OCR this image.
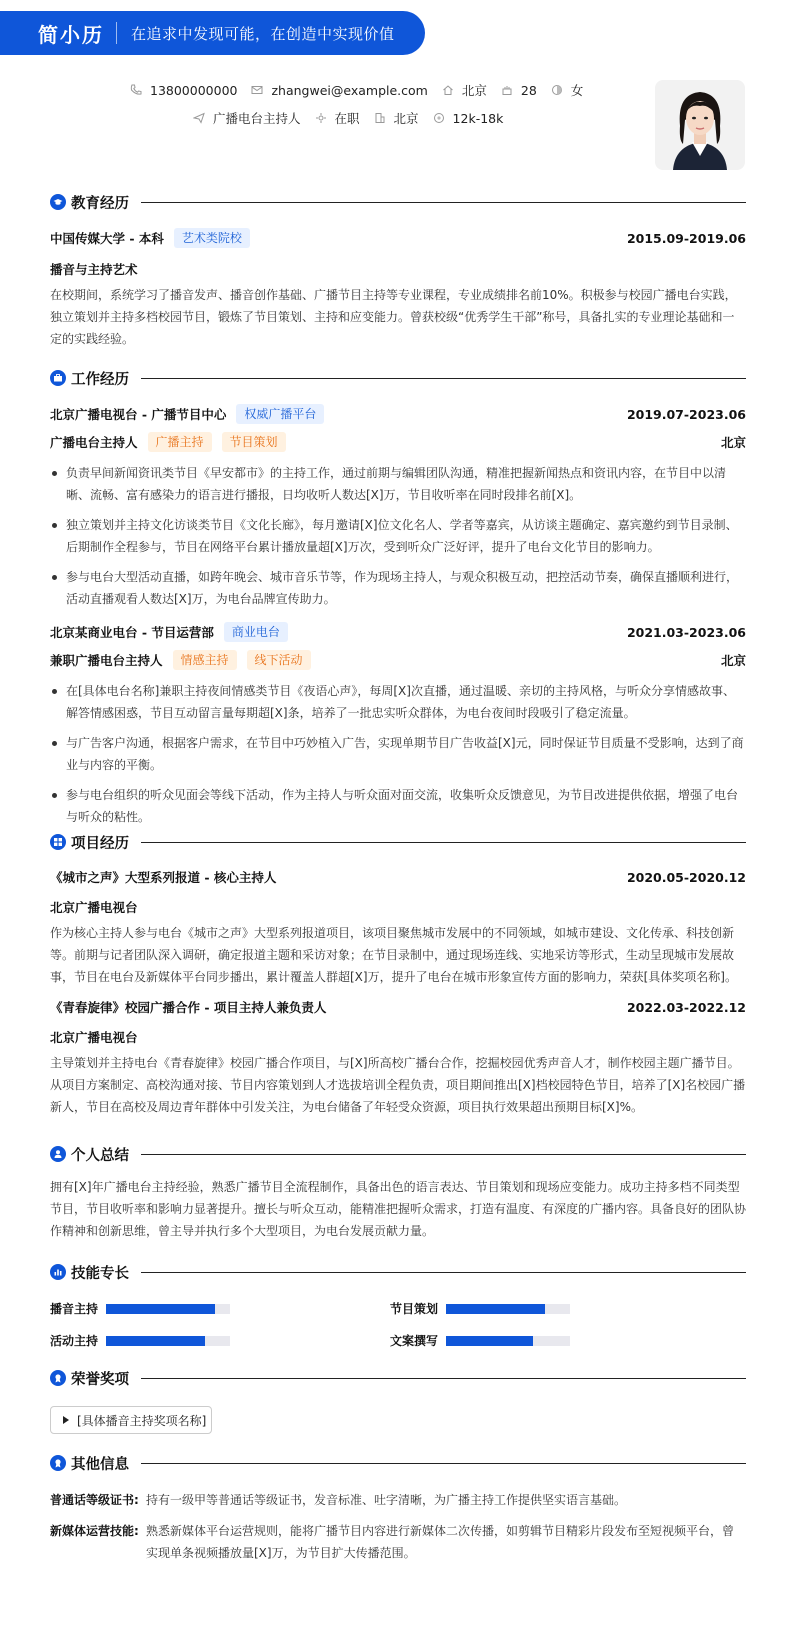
简小历 在追求中发现可能，在创造中实现价值
13800000000	zhangwei@example.com	北京	28	女
广播电台主持人	在职	北京	12k-18k
教育经历
中国传媒大学 - 本科	艺术类院校	2015.09-2019.06
播音与主持艺术
在校期间，系统学习了播音发声、播音创作基础、广播节目主持等专业课程，专业成绩排名前10%。积极参与校园广播电台实践，独立策划并主持多档校园节目，锻炼了节目策划、主持和应变能力。曾获校级“优秀学生干部”称号，具备扎实的专业理论基础和一定的实践经验。
工作经历
北京广播电视台 - 广播节目中心	权威广播平台	2019.07-2023.06
广播电台主持人	广播主持	节目策划	北京
负责早间新闻资讯类节目《早安都市》的主持工作，通过前期与编辑团队沟通，精准把握新闻热点和资讯内容，在节目中以清晰、流畅、富有感染力的语言进行播报，日均收听人数达[X]万，节目收听率在同时段排名前[X]。
独立策划并主持文化访谈类节目《文化长廊》，每月邀请[X]位文化名人、学者等嘉宾，从访谈主题确定、嘉宾邀约到节目录制、后期制作全程参与，节目在网络平台累计播放量超[X]万次，受到听众广泛好评，提升了电台文化节目的影响力。
参与电台大型活动直播，如跨年晚会、城市音乐节等，作为现场主持人，与观众积极互动，把控活动节奏，确保直播顺利进行，活动直播观看人数达[X]万，为电台品牌宣传助力。
北京某商业电台 - 节目运营部	商业电台	2021.03-2023.06
兼职广播电台主持人	情感主持	线下活动	北京
在[具体电台名称]兼职主持夜间情感类节目《夜语心声》，每周[X]次直播，通过温暖、亲切的主持风格，与听众分享情感故事、解答情感困惑，节目互动留言量每期超[X]条，培养了一批忠实听众群体，为电台夜间时段吸引了稳定流量。
与广告客户沟通，根据客户需求，在节目中巧妙植入广告，实现单期节目广告收益[X]元，同时保证节目质量不受影响，达到了商业与内容的平衡。
参与电台组织的听众见面会等线下活动，作为主持人与听众面对面交流，收集听众反馈意见，为节目改进提供依据，增强了电台与听众的粘性。
项目经历
《城市之声》大型系列报道 - 核心主持人	2020.05-2020.12
北京广播电视台
作为核心主持人参与电台《城市之声》大型系列报道项目，该项目聚焦城市发展中的不同领域，如城市建设、文化传承、科技创新等。前期与记者团队深入调研，确定报道主题和采访对象；在节目录制中，通过现场连线、实地采访等形式，生动呈现城市发展故事，节目在电台及新媒体平台同步播出，累计覆盖人群超[X]万，提升了电台在城市形象宣传方面的影响力，荣获[具体奖项名称]。
《青春旋律》校园广播合作 - 项目主持人兼负责人	2022.03-2022.12
北京广播电视台
主导策划并主持电台《青春旋律》校园广播合作项目，与[X]所高校广播台合作，挖掘校园优秀声音人才，制作校园主题广播节目。从项目方案制定、高校沟通对接、节目内容策划到人才选拔培训全程负责，项目期间推出[X]档校园特色节目，培养了[X]名校园广播新人，节目在高校及周边青年群体中引发关注，为电台储备了年轻受众资源，项目执行效果超出预期目标[X]%。
个人总结
拥有[X]年广播电台主持经验，熟悉广播节目全流程制作，具备出色的语言表达、节目策划和现场应变能力。成功主持多档不同类型节目，节目收听率和影响力显著提升。擅长与听众互动，能精准把握听众需求，打造有温度、有深度的广播内容。具备良好的团队协作精神和创新思维，曾主导并执行多个大型项目，为电台发展贡献力量。
技能专长
播音主持	节目策划
活动主持	文案撰写
荣誉奖项
[具体播音主持奖项名称]
其他信息
普通话等级证书: 持有一级甲等普通话等级证书，发音标准、吐字清晰，为广播主持工作提供坚实语言基础。
新媒体运营技能: 熟悉新媒体平台运营规则，能将广播节目内容进行新媒体二次传播，如剪辑节目精彩片段发布至短视频平台，曾实现单条视频播放量[X]万，为节目扩大传播范围。
